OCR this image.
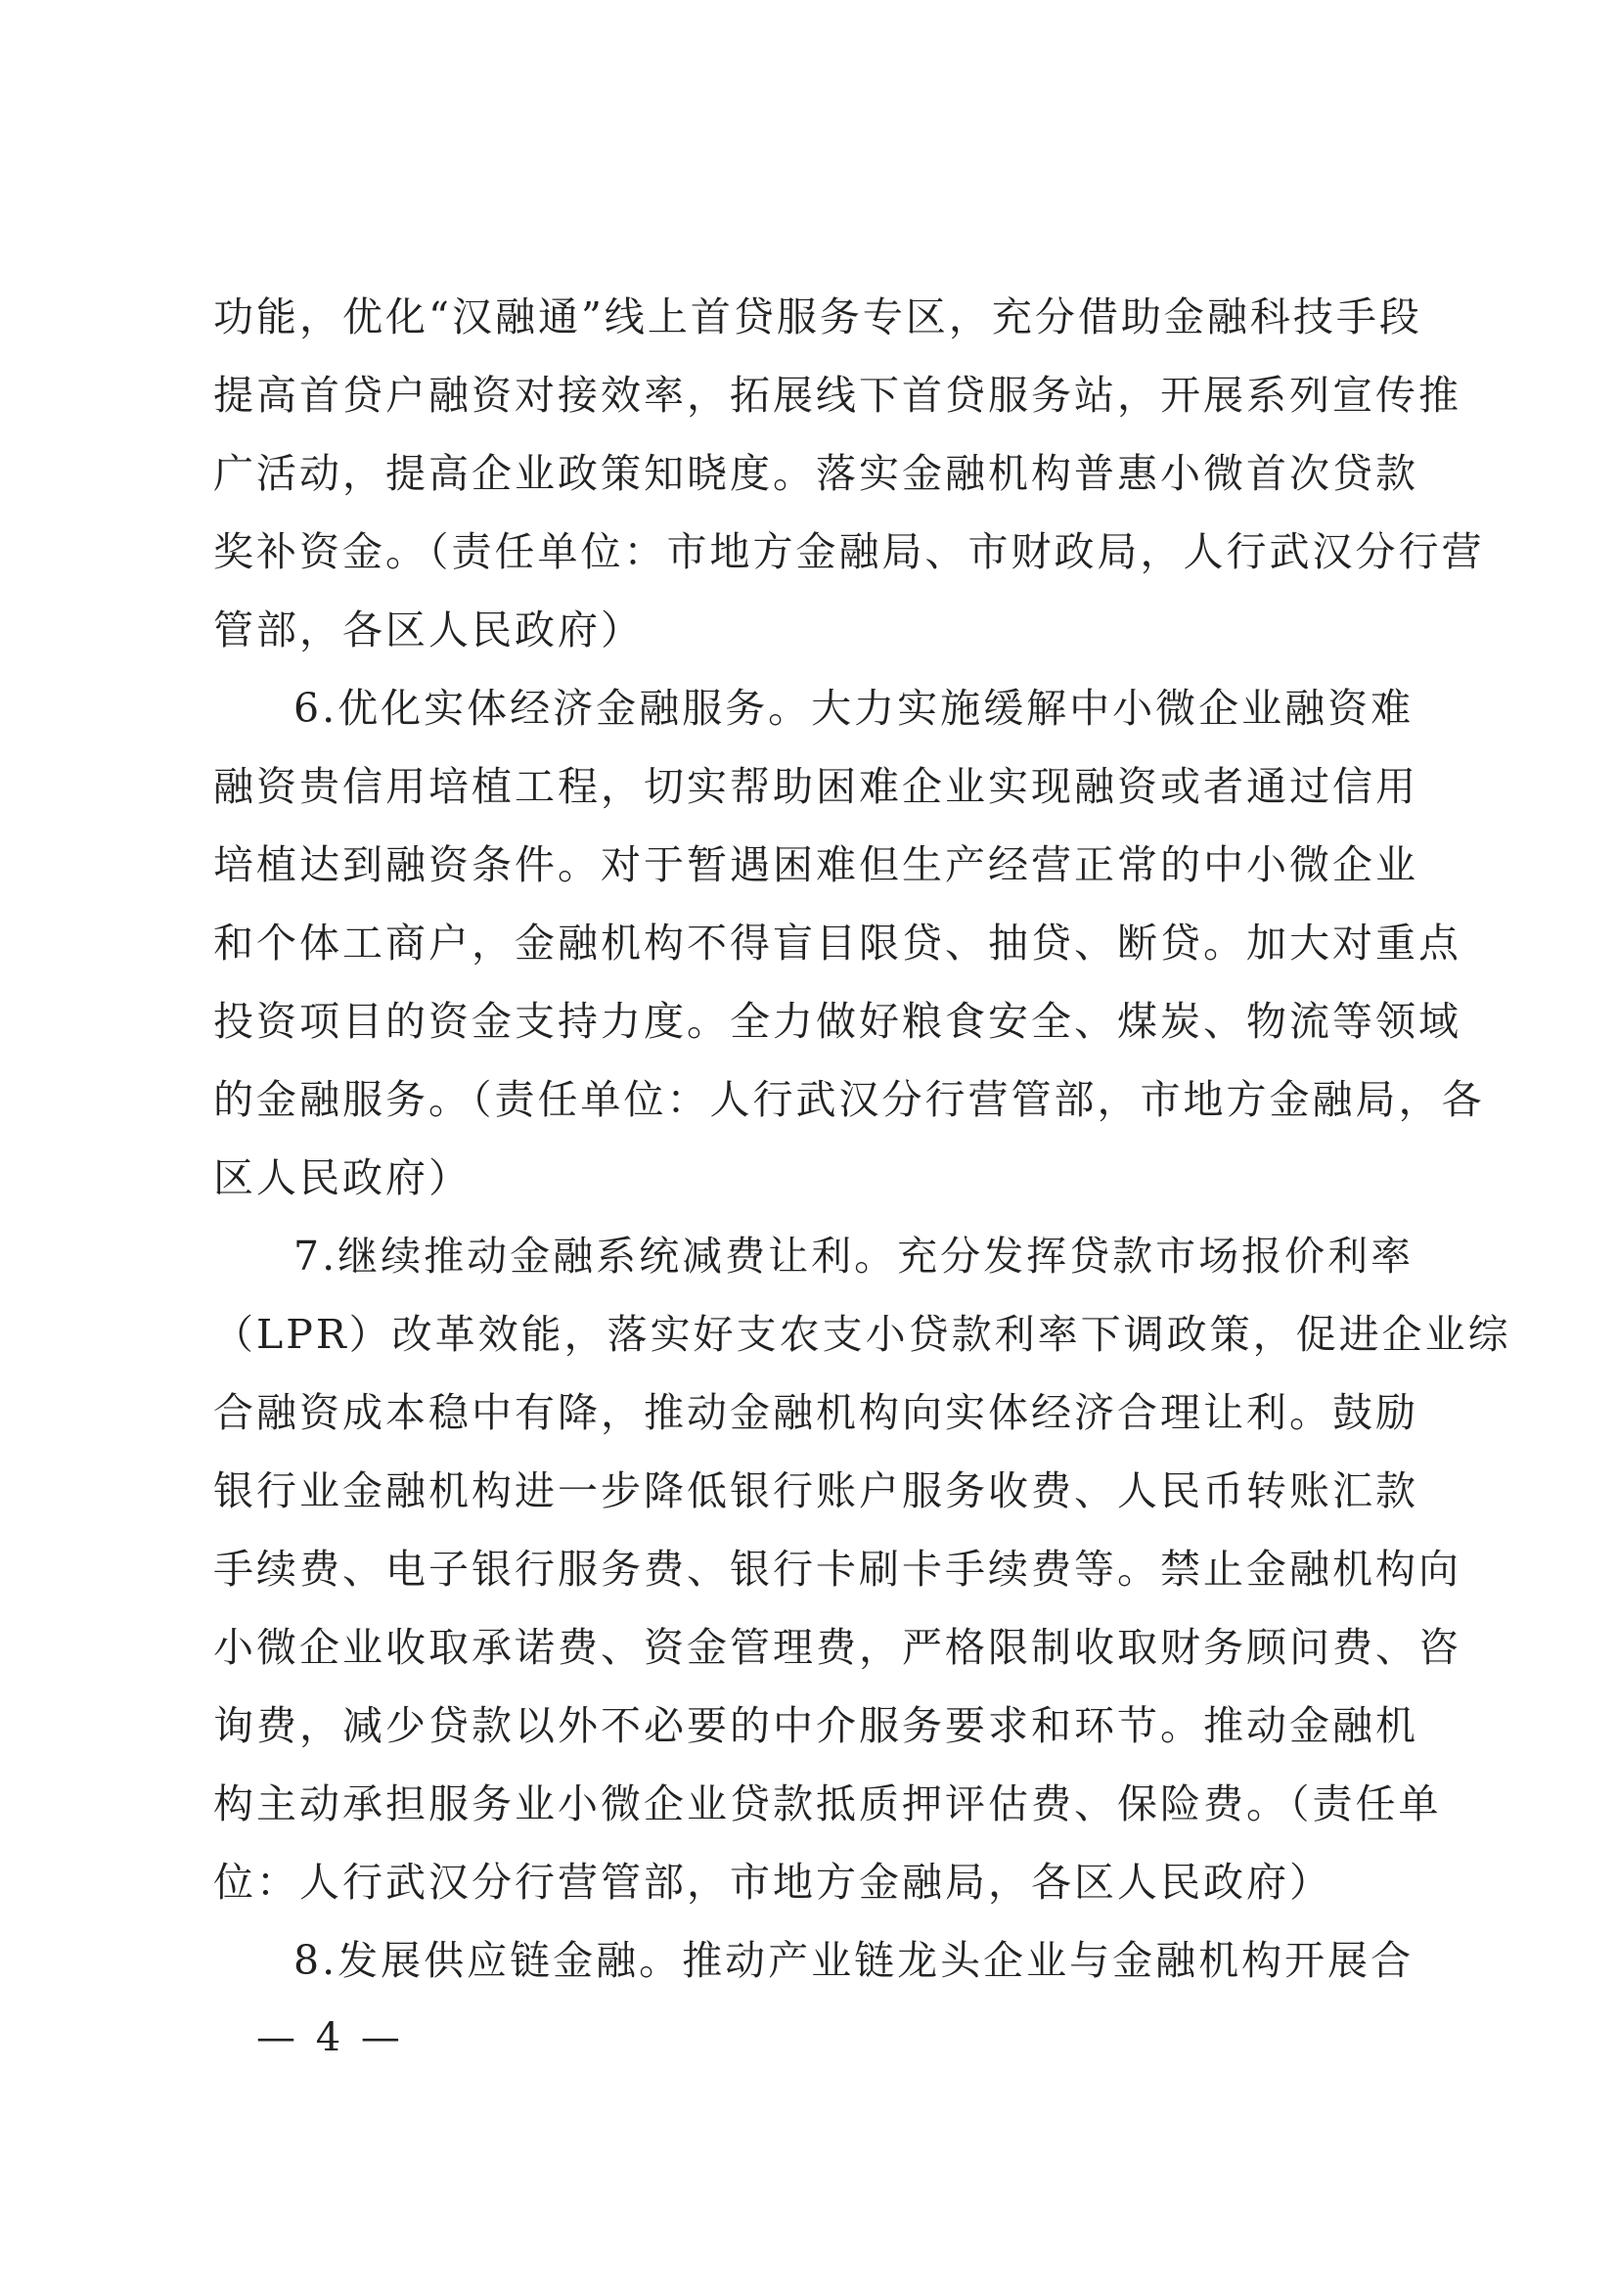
功能，优化“汉融通”线上首贷服务专区，充分借助金融科技手段
提高首贷户融资对接效率，拓展线下首贷服务站，开展系列宣传推
广活动，提高企业政策知晓度。落实金融机构普惠小微首次贷款
奖补资金。（责任单位：市地方金融局、市财政局，人行武汉分行营
管部，各区人民政府）
6.优化实体经济金融服务。大力实施缓解中小微企业融资难
融资贵信用培植工程，切实帮助困难企业实现融资或者通过信用
培植达到融资条件。对于暂遇困难但生产经营正常的中小微企业
和个体工商户，金融机构不得盲目限贷、抽贷、断贷。加大对重点
投资项目的资金支持力度。全力做好粮食安全、煤炭、物流等领域
的金融服务。（责任单位：人行武汉分行营管部，市地方金融局，各
区人民政府）
7.继续推动金融系统减费让利。充分发挥贷款市场报价利率
（LPR）改革效能，落实好支农支小贷款利率下调政策，促进企业综
合融资成本稳中有降，推动金融机构向实体经济合理让利。鼓励
银行业金融机构进一步降低银行账户服务收费、人民币转账汇款
手续费、电子银行服务费、银行卡刷卡手续费等。禁止金融机构向
小微企业收取承诺费、资金管理费，严格限制收取财务顾问费、咨
询费，减少贷款以外不必要的中介服务要求和环节。推动金融机
构主动承担服务业小微企业贷款抵质押评估费、保险费。（责任单
位：人行武汉分行营管部，市地方金融局，各区人民政府）
8.发展供应链金融。推动产业链龙头企业与金融机构开展合
— 4 —
